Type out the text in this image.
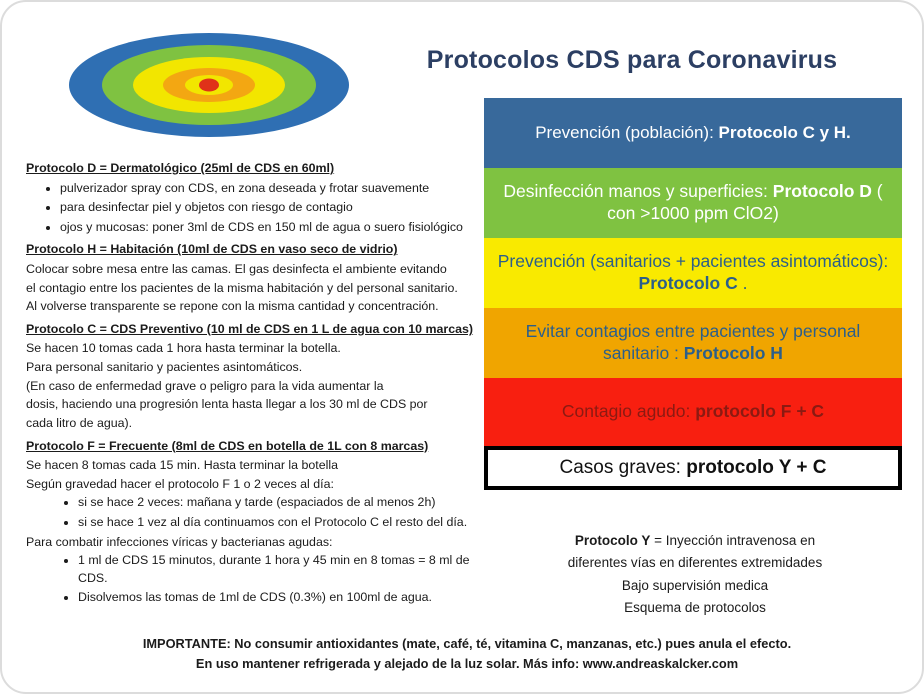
Protocolos CDS para Coronavirus
Protocolo D = Dermatológico (25ml de CDS en 60ml)
• pulverizador spray con CDS, en zona deseada y frotar suavemente
• para desinfectar piel y objetos con riesgo de contagio
• ojos y mucosas: poner 3ml de CDS en 150 ml de agua o suero fisiológico
Protocolo H = Habitación (10ml de CDS en vaso seco de vidrio)

Colocar sobre mesa entre las camas. El gas desinfecta el ambiente evitando

el contagio entre los pacientes de la misma habitación y del personal sanitario.

Al volverse transparente se repone con la misma cantidad y concentración.

Protocolo C = CDS Preventivo (10 ml de CDS en 1 L de agua con 10 marcas)

Se hacen 10 tomas cada 1 hora hasta terminar la botella.

Para personal sanitario y pacientes asintomáticos.

(En caso de enfermedad grave o peligro para la vida aumentar la

dosis, haciendo una progresión lenta hasta llegar a los 30 ml de CDS por

cada litro de agua).

Protocolo F = Frecuente (8ml de CDS en botella de 1L con 8 marcas)

Se hacen 8 tomas cada 15 min. Hasta terminar la botella

Según gravedad hacer el protocolo F 1 o 2 veces al día:

• si se hace 2 veces: mañana y tarde (espaciados de al menos 2h)
• si se hace 1 vez al día continuamos con el Protocolo C el resto del día.

Para combatir infecciones víricas y bacterianas agudas:

• 1 ml de CDS 15 minutos, durante 1 hora y 45 min en 8 tomas = 8 ml de CDS.
• Disolvemos las tomas de 1ml de CDS (0.3%) en 100ml de agua.
Prevención (población): Protocolo C y H.
Desinfección manos y superficies: Protocolo D ( con >1000 ppm ClO2)
Prevención (sanitarios + pacientes asintomáticos): Protocolo C .
Evitar contagios entre pacientes y personal sanitario : Protocolo H
Contagio agudo: protocolo F + C
Casos graves: protocolo Y + C

Protocolo Y = Inyección intravenosa en

diferentes vías en diferentes extremidades

Bajo supervisión medica

Esquema de protocolos

IMPORTANTE: No consumir antioxidantes (mate, café, té, vitamina C, manzanas, etc.) pues anula el efecto.
En uso mantener refrigerada y alejado de la luz solar. Más info: www.andreaskalcker.com
